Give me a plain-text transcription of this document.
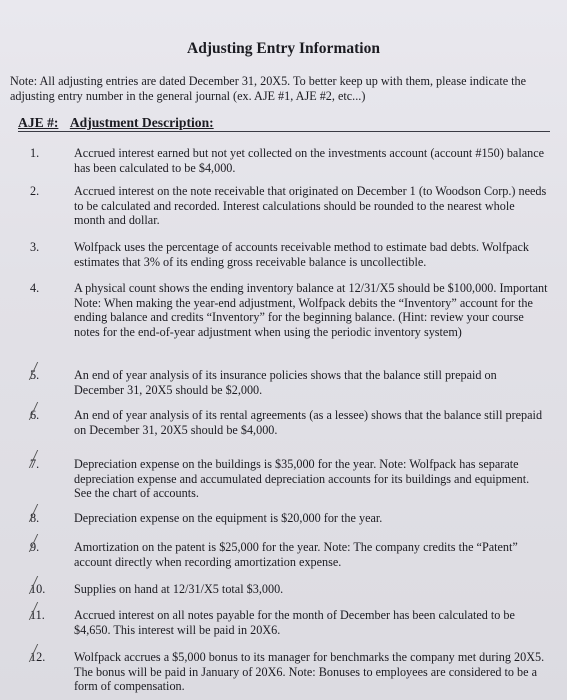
Adjusting Entry Information
Note: All adjusting entries are dated December 31, 20X5. To better keep up with them, please indicate the adjusting entry number in the general journal (ex. AJE #1, AJE #2, etc...)
AJE #: Adjustment Description:
1.	Accrued interest earned but not yet collected on the investments account (account #150) balance has been calculated to be $4,000.
2.	Accrued interest on the note receivable that originated on December 1 (to Woodson Corp.) needs to be calculated and recorded. Interest calculations should be rounded to the nearest whole month and dollar.
3.	Wolfpack uses the percentage of accounts receivable method to estimate bad debts. Wolfpack estimates that 3% of its ending gross receivable balance is uncollectible.
4.	A physical count shows the ending inventory balance at 12/31/X5 should be $100,000. Important Note: When making the year-end adjustment, Wolfpack debits the “Inventory” account for the ending balance and credits “Inventory” for the beginning balance. (Hint: review your course notes for the end-of-year adjustment when using the periodic inventory system)
5.	An end of year analysis of its insurance policies shows that the balance still prepaid on December 31, 20X5 should be $2,000.
6.	An end of year analysis of its rental agreements (as a lessee) shows that the balance still prepaid on December 31, 20X5 should be $4,000.
7.	Depreciation expense on the buildings is $35,000 for the year. Note: Wolfpack has separate depreciation expense and accumulated depreciation accounts for its buildings and equipment. See the chart of accounts.
8.	Depreciation expense on the equipment is $20,000 for the year.
9.	Amortization on the patent is $25,000 for the year. Note: The company credits the “Patent” account directly when recording amortization expense.
10.	Supplies on hand at 12/31/X5 total $3,000.
11.	Accrued interest on all notes payable for the month of December has been calculated to be $4,650. This interest will be paid in 20X6.
12.	Wolfpack accrues a $5,000 bonus to its manager for benchmarks the company met during 20X5. The bonus will be paid in January of 20X6. Note: Bonuses to employees are considered to be a form of compensation.
